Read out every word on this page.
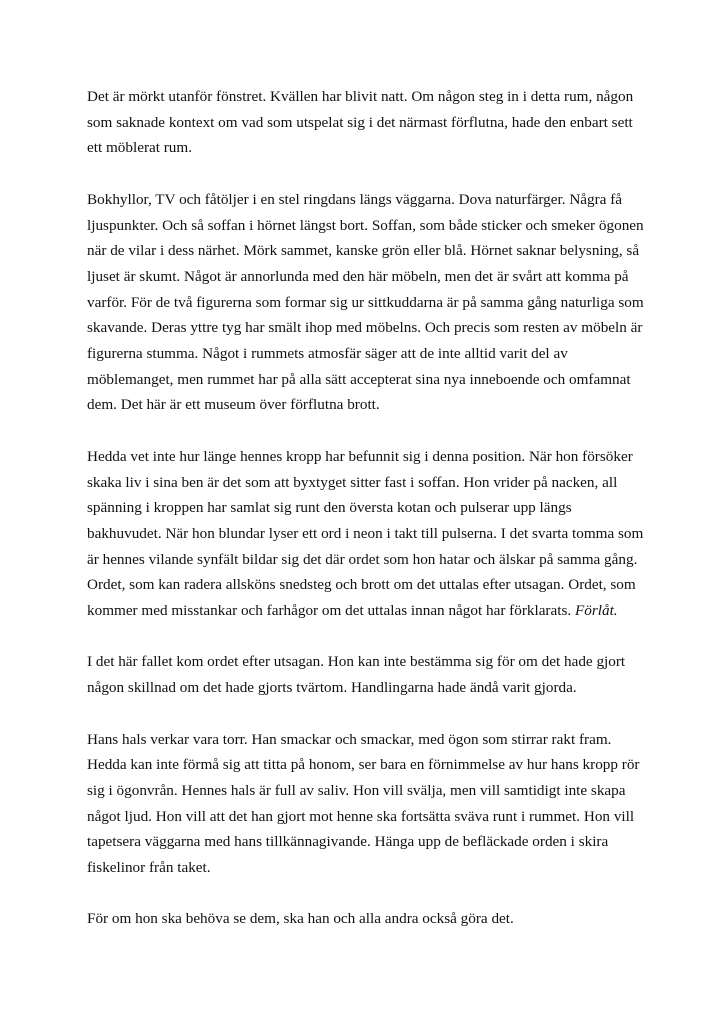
Det är mörkt utanför fönstret. Kvällen har blivit natt. Om någon steg in i detta rum, någon som saknade kontext om vad som utspelat sig i det närmast förflutna, hade den enbart sett ett möblerat rum.

Bokhyllor, TV och fåtöljer i en stel ringdans längs väggarna. Dova naturfärger. Några få ljuspunkter. Och så soffan i hörnet längst bort. Soffan, som både sticker och smeker ögonen när de vilar i dess närhet. Mörk sammet, kanske grön eller blå. Hörnet saknar belysning, så ljuset är skumt. Något är annorlunda med den här möbeln, men det är svårt att komma på varför. För de två figurerna som formar sig ur sittkuddarna är på samma gång naturliga som skavande. Deras yttre tyg har smält ihop med möbelns. Och precis som resten av möbeln är figurerna stumma. Något i rummets atmosfär säger att de inte alltid varit del av möblemanget, men rummet har på alla sätt accepterat sina nya inneboende och omfamnat dem. Det här är ett museum över förflutna brott.

Hedda vet inte hur länge hennes kropp har befunnit sig i denna position. När hon försöker skaka liv i sina ben är det som att byxtyget sitter fast i soffan. Hon vrider på nacken, all spänning i kroppen har samlat sig runt den översta kotan och pulserar upp längs bakhuvudet. När hon blundar lyser ett ord i neon i takt till pulserna. I det svarta tomma som är hennes vilande synfält bildar sig det där ordet som hon hatar och älskar på samma gång. Ordet, som kan radera allsköns snedsteg och brott om det uttalas efter utsagan. Ordet, som kommer med misstankar och farhågor om det uttalas innan något har förklarats. Förlåt.

I det här fallet kom ordet efter utsagan. Hon kan inte bestämma sig för om det hade gjort någon skillnad om det hade gjorts tvärtom. Handlingarna hade ändå varit gjorda.

Hans hals verkar vara torr. Han smackar och smackar, med ögon som stirrar rakt fram. Hedda kan inte förmå sig att titta på honom, ser bara en förnimmelse av hur hans kropp rör sig i ögonvrån. Hennes hals är full av saliv. Hon vill svälja, men vill samtidigt inte skapa något ljud. Hon vill att det han gjort mot henne ska fortsätta sväva runt i rummet. Hon vill tapetsera väggarna med hans tillkännagivande. Hänga upp de befläckade orden i skira fiskelinor från taket.

För om hon ska behöva se dem, ska han och alla andra också göra det.
